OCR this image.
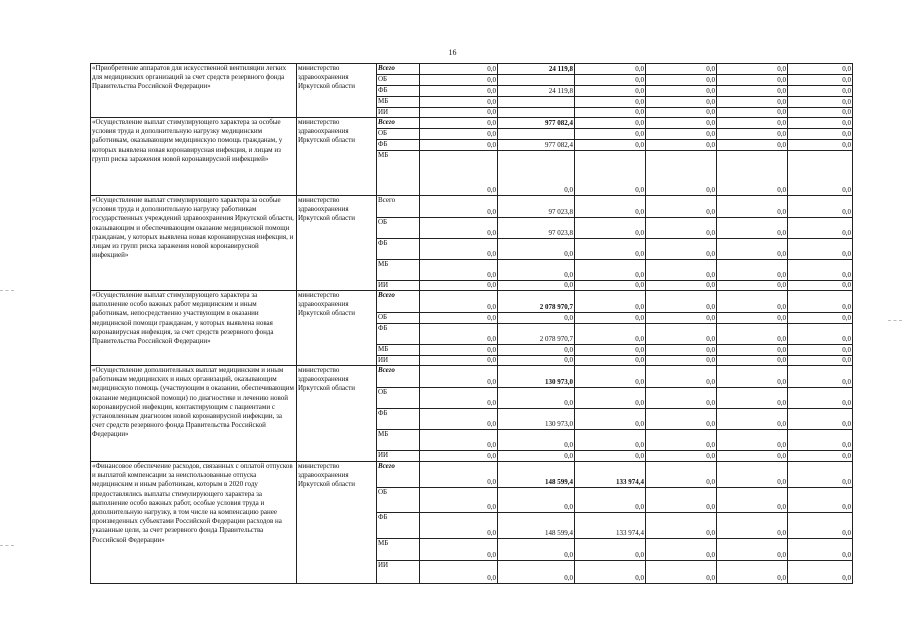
16
«Приобретение аппаратов для искусственной вентиляции легких для медицинских организаций за счет средств резервного фонда Правительства Российской Федерации»	министерство здравоохранения Иркутской области	Всего	0,0	24 119,8	0,0	0,0	0,0	0,0
		ОБ	0,0		0,0	0,0	0,0	0,0
		ФБ	0,0	24 119,8	0,0	0,0	0,0	0,0
		МБ	0,0		0,0	0,0	0,0	0,0
		ИИ	0,0		0,0	0,0	0,0	0,0
«Осуществление выплат стимулирующего характера за особые условия труда и дополнительную нагрузку медицинским работникам, оказывающим медицинскую помощь гражданам, у которых выявлена новая коронавирусная инфекция, и лицам из групп риска заражения новой коронавирусной инфекцией»	министерство здравоохранения Иркутской области	Всего	0,0	977 082,4	0,0	0,0	0,0	0,0
		ОБ	0,0		0,0	0,0	0,0	0,0
		ФБ	0,0	977 082,4	0,0	0,0	0,0	0,0
		МБ	0,0	0,0	0,0	0,0	0,0	0,0
«Осуществление выплат стимулирующего характера за особые условия труда и дополнительную нагрузку работникам государственных учреждений здравоохранения Иркутской области, оказывающим и обеспечивающим оказание медицинской помощи гражданам, у которых выявлена новая коронавирусная инфекция, и лицам из групп риска заражения новой коронавирусной инфекцией»	министерство здравоохранения Иркутской области	Всего	0,0	97 023,8	0,0	0,0	0,0	0,0
		ОБ	0,0	97 023,8	0,0	0,0	0,0	0,0
		ФБ	0,0	0,0	0,0	0,0	0,0	0,0
		МБ	0,0	0,0	0,0	0,0	0,0	0,0
		ИИ	0,0	0,0	0,0	0,0	0,0	0,0
«Осуществление выплат стимулирующего характера за выполнение особо важных работ медицинским и иным работникам, непосредственно участвующим в оказании медицинской помощи гражданам, у которых выявлена новая коронавирусная инфекция, за счет средств резервного фонда Правительства Российской Федерации»	министерство здравоохранения Иркутской области	Всего	0,0	2 078 970,7	0,0	0,0	0,0	0,0
		ОБ	0,0	0,0	0,0	0,0	0,0	0,0
		ФБ	0,0	2 078 970,7	0,0	0,0	0,0	0,0
		МБ	0,0	0,0	0,0	0,0	0,0	0,0
		ИИ	0,0	0,0	0,0	0,0	0,0	0,0
«Осуществление дополнительных выплат медицинским и иным работникам медицинских и иных организаций, оказывающим медицинскую помощь (участвующим в оказании, обеспечивающим оказание медицинской помощи) по диагностике и лечению новой коронавирусной инфекции, контактирующим с пациентами с установленным диагнозом новой коронавирусной инфекции, за счет средств резервного фонда Правительства Российской Федерации»	министерство здравоохранения Иркутской области	Всего	0,0	130 973,0	0,0	0,0	0,0	0,0
		ОБ	0,0	0,0	0,0	0,0	0,0	0,0
		ФБ	0,0	130 973,0	0,0	0,0	0,0	0,0
		МБ	0,0	0,0	0,0	0,0	0,0	0,0
		ИИ	0,0	0,0	0,0	0,0	0,0	0,0
«Финансовое обеспечение расходов, связанных с оплатой отпусков и выплатой компенсации за неиспользованные отпуска медицинским и иным работникам, которым в 2020 году предоставлялись выплаты стимулирующего характера за выполнение особо важных работ, особые условия труда и дополнительную нагрузку, в том числе на компенсацию ранее произведенных субъектами Российской Федерации расходов на указанные цели, за счет резервного фонда Правительства Российской Федерации»	министерство здравоохранения Иркутской области	Всего	0,0	148 599,4	133 974,4	0,0	0,0	0,0
		ОБ	0,0	0,0	0,0	0,0	0,0	0,0
		ФБ	0,0	148 599,4	133 974,4	0,0	0,0	0,0
		МБ	0,0	0,0	0,0	0,0	0,0	0,0
		ИИ	0,0	0,0	0,0	0,0	0,0	0,0
